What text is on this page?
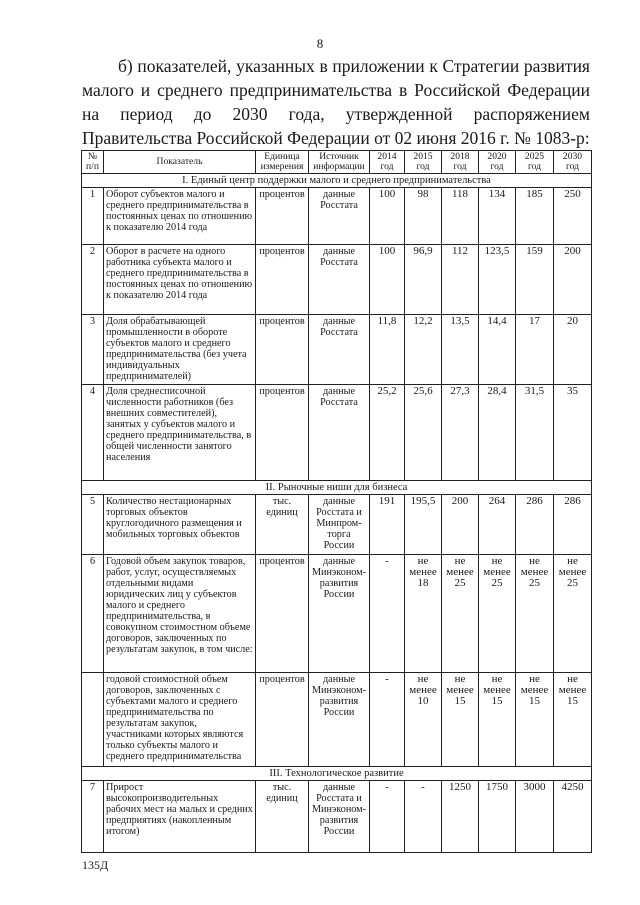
8

б) показателей, указанных в приложении к Стратегии развития малого и среднего предпринимательства в Российской Федерации на период до 2030 года, утвержденной распоряжением Правительства Российской Федерации от 02 июня 2016 г. № 1083-р:

№ п/п	Показатель	Единица измерения	Источник информации	2014 год	2015 год	2018 год	2020 год	2025 год	2030 год
I. Единый центр поддержки малого и среднего предпринимательства									
1	Оборот субъектов малого и среднего предпринимательства в постоянных ценах по отношению к показателю 2014 года	процентов	данные Росстата	100	98	118	134	185	250
2	Оборот в расчете на одного работника субъекта малого и среднего предпринимательства в постоянных ценах по отношению к показателю 2014 года	процентов	данные Росстата	100	96,9	112	123,5	159	200
3	Доля обрабатывающей промышленности в обороте субъектов малого и среднего предпринимательства (без учета индивидуальных предпринимателей)	процентов	данные Росстата	11,8	12,2	13,5	14,4	17	20
4	Доля среднесписочной численности работников (без внешних совместителей), занятых у субъектов малого и среднего предпринимательства, в общей численности занятого населения	процентов	данные Росстата	25,2	25,6	27,3	28,4	31,5	35
II. Рыночные ниши для бизнеса									
5	Количество нестационарных торговых объектов круглогодичного размещения и мобильных торговых объектов	тыс. единиц	данные Росстата и Минпром-торга России	191	195,5	200	264	286	286
6	Годовой объем закупок товаров, работ, услуг, осуществляемых отдельными видами юридических лиц у субъектов малого и среднего предпринимательства, в совокупном стоимостном объеме договоров, заключенных по результатам закупок, в том числе:	процентов	данные Минэконом-развития России	-	не менее 18	не менее 25	не менее 25	не менее 25	не менее 25
	годовой стоимостной объем договоров, заключенных с субъектами малого и среднего предпринимательства по результатам закупок, участниками которых являются только субъекты малого и среднего предпринимательства	процентов	данные Минэконом-развития России	-	не менее 10	не менее 15	не менее 15	не менее 15	не менее 15
III. Технологическое развитие									
7	Прирост высокопроизводительных рабочих мест на малых и средних предприятиях (накопленным итогом)	тыс. единиц	данные Росстата и Минэконом-развития России	-	-	1250	1750	3000	4250
135Д
